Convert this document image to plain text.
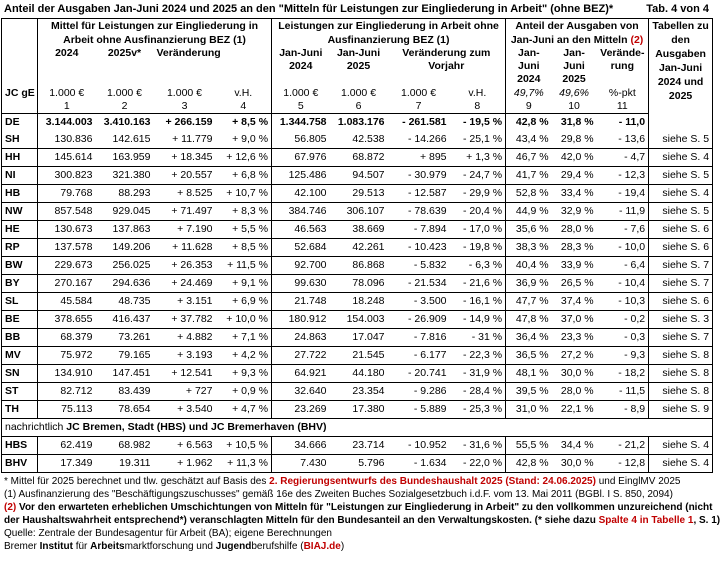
Anteil der Ausgaben Jan-Juni 2024 und 2025 an den "Mitteln für Leistungen zur Eingliederung in Arbeit" (ohne BEZ)*	Tab. 4 von 4
	Mittel für Leistungen zur Eingliederung in Arbeit ohne Ausfinanzierung BEZ (1)				Leistungen zur Eingliederung in Arbeit ohne Ausfinanzierung BEZ (1)				Anteil der Ausgaben von Jan-Juni an den Mitteln (2)			Tabellen zu den Ausgaben Jan-Juni 2024 und 2025	

	2024	2025v*	Veränderung		Jan-Juni 2024	Jan-Juni 2025	Veränderung zum Vorjahr		Jan-Juni 2024	Jan-Juni 2025	Verände-rung		
JC gE	1.000 €	1.000 €	1.000 €	v.H.	1.000 €	1.000 €	1.000 €	v.H.	49,7%	49,6%	%-pkt		
	1	2	3	4	5	6	7	8	9	10	11		
DE	3.144.003	3.410.163	+ 266.159	+ 8,5 %	1.344.758	1.083.176	- 261.581	- 19,5 %	42,8 %	31,8 %	- 11,0	
SH	130.836	142.615	+ 11.779	+ 9,0 %	56.805	42.538	- 14.266	- 25,1 %	43,4 %	29,8 %	- 13,6	siehe S. 5	
HH	145.614	163.959	+ 18.345	+ 12,6 %	67.976	68.872	+ 895	+ 1,3 %	46,7 %	42,0 %	- 4,7	siehe S. 4	
NI	300.823	321.380	+ 20.557	+ 6,8 %	125.486	94.507	- 30.979	- 24,7 %	41,7 %	29,4 %	- 12,3	siehe S. 5	
HB	79.768	88.293	+ 8.525	+ 10,7 %	42.100	29.513	- 12.587	- 29,9 %	52,8 %	33,4 %	- 19,4	siehe S. 4	
NW	857.548	929.045	+ 71.497	+ 8,3 %	384.746	306.107	- 78.639	- 20,4 %	44,9 %	32,9 %	- 11,9	siehe S. 5	
HE	130.673	137.863	+ 7.190	+ 5,5 %	46.563	38.669	- 7.894	- 17,0 %	35,6 %	28,0 %	- 7,6	siehe S. 6	
RP	137.578	149.206	+ 11.628	+ 8,5 %	52.684	42.261	- 10.423	- 19,8 %	38,3 %	28,3 %	- 10,0	siehe S. 6	
BW	229.673	256.025	+ 26.353	+ 11,5 %	92.700	86.868	- 5.832	- 6,3 %	40,4 %	33,9 %	- 6,4	siehe S. 7	
BY	270.167	294.636	+ 24.469	+ 9,1 %	99.630	78.096	- 21.534	- 21,6 %	36,9 %	26,5 %	- 10,4	siehe S. 7	
SL	45.584	48.735	+ 3.151	+ 6,9 %	21.748	18.248	- 3.500	- 16,1 %	47,7 %	37,4 %	- 10,3	siehe S. 6	
BE	378.655	416.437	+ 37.782	+ 10,0 %	180.912	154.003	- 26.909	- 14,9 %	47,8 %	37,0 %	- 0,2	siehe S. 3	
BB	68.379	73.261	+ 4.882	+ 7,1 %	24.863	17.047	- 7.816	- 31 %	36,4 %	23,3 %	- 0,3	siehe S. 7	
MV	75.972	79.165	+ 3.193	+ 4,2 %	27.722	21.545	- 6.177	- 22,3 %	36,5 %	27,2 %	- 9,3	siehe S. 8	
SN	134.910	147.451	+ 12.541	+ 9,3 %	64.921	44.180	- 20.741	- 31,9 %	48,1 %	30,0 %	- 18,2	siehe S. 8	
ST	82.712	83.439	+ 727	+ 0,9 %	32.640	23.354	- 9.286	- 28,4 %	39,5 %	28,0 %	- 11,5	siehe S. 8	
TH	75.113	78.654	+ 3.540	+ 4,7 %	23.269	17.380	- 5.889	- 25,3 %	31,0 %	22,1 %	- 8,9	siehe S. 9	
nachrichtlich JC Bremen, Stadt (HBS) und JC Bremerhaven (BHV)													
HBS	62.419	68.982	+ 6.563	+ 10,5 %	34.666	23.714	- 10.952	- 31,6 %	55,5 %	34,4 %	- 21,2	siehe S. 4	
BHV	17.349	19.311	+ 1.962	+ 11,3 %	7.430	5.796	- 1.634	- 22,0 %	42,8 %	30,0 %	- 12,8	siehe S. 4	
* Mittel für 2025 berechnet und tlw. geschätzt auf Basis des 2. Regierungsentwurfs des Bundeshaushalt 2025 (Stand: 24.06.2025) und EinglMV 2025
(1) Ausfinanzierung des "Beschäftigungszuschusses" gemäß 16e des Zweiten Buches Sozialgesetzbuch i.d.F. vom 13. Mai 2011 (BGBl. I S. 850, 2094)
(2) Vor den erwarteten erheblichen Umschichtungen von Mitteln für "Leistungen zur Eingliederung in Arbeit" zu den vollkommen unzureichend (nicht
der Haushaltswahrheit entsprechend*) veranschlagten Mitteln für den Bundesanteil an den Verwaltungskosten. (* siehe dazu Spalte 4 in Tabelle 1, S. 1)
Quelle: Zentrale der Bundesagentur für Arbeit (BA); eigene Berechnungen
Bremer Institut für Arbeitsmarktforschung und Jugendberufshilfe (BIAJ.de)
